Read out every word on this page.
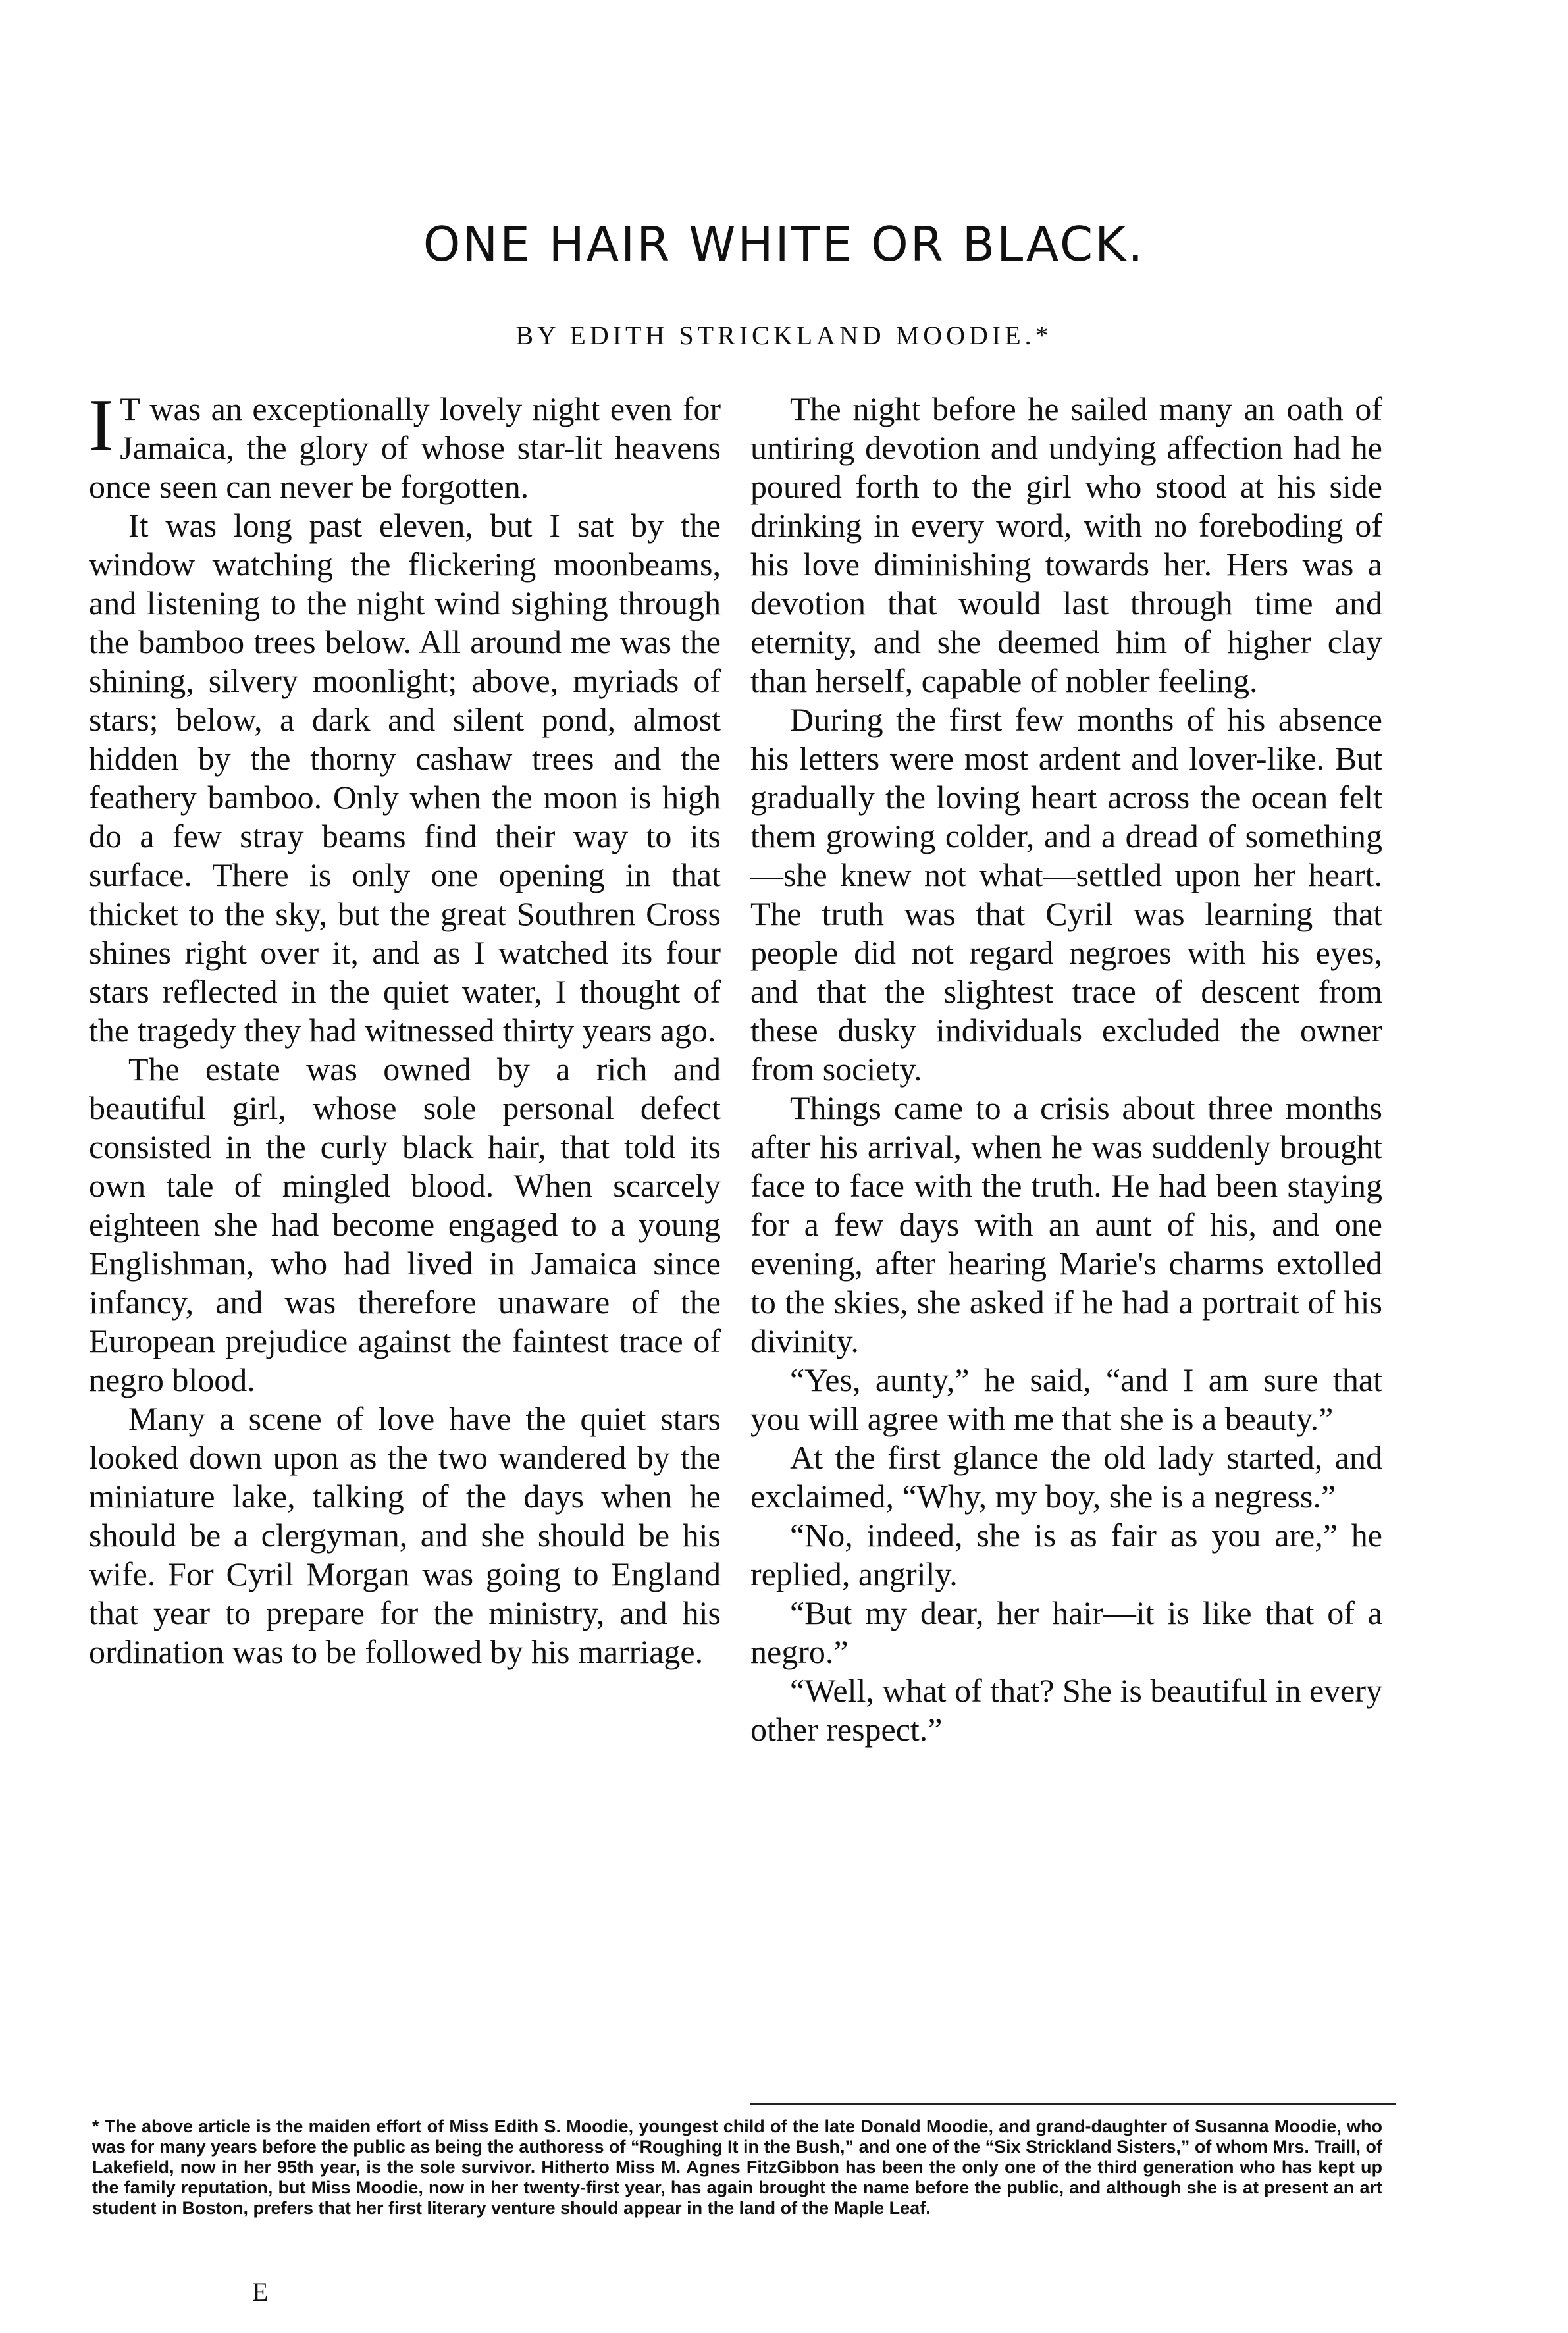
ONE HAIR WHITE OR BLACK.

BY EDITH STRICKLAND MOODIE.*

I T was an exceptionally lovely night even for Jamaica, the glory of whose star-lit heavens once seen can never be forgotten.

It was long past eleven, but I sat by the window watching the flickering moonbeams, and listening to the night wind sighing through the bamboo trees below. All around me was the shining, silvery moonlight; above, myriads of stars; below, a dark and silent pond, almost hidden by the thorny cashaw trees and the feathery bamboo. Only when the moon is high do a few stray beams find their way to its surface. There is only one opening in that thicket to the sky, but the great Southren Cross shines right over it, and as I watched its four stars reflected in the quiet water, I thought of the tragedy they had witnessed thirty years ago.

The estate was owned by a rich and beautiful girl, whose sole personal defect consisted in the curly black hair, that told its own tale of mingled blood. When scarcely eighteen she had become engaged to a young Englishman, who had lived in Jamaica since infancy, and was therefore unaware of the European prejudice against the faintest trace of negro blood.

Many a scene of love have the quiet stars looked down upon as the two wandered by the miniature lake, talking of the days when he should be a clergyman, and she should be his wife. For Cyril Morgan was going to England that year to prepare for the ministry, and his ordination was to be followed by his marriage.

The night before he sailed many an oath of untiring devotion and undying affection had he poured forth to the girl who stood at his side drinking in every word, with no foreboding of his love diminishing towards her. Hers was a devotion that would last through time and eternity, and she deemed him of higher clay than herself, capable of nobler feeling.

During the first few months of his absence his letters were most ardent and lover-like. But gradually the loving heart across the ocean felt them growing colder, and a dread of something—she knew not what—settled upon her heart. The truth was that Cyril was learning that people did not regard negroes with his eyes, and that the slightest trace of descent from these dusky individuals excluded the owner from society.

Things came to a crisis about three months after his arrival, when he was suddenly brought face to face with the truth. He had been staying for a few days with an aunt of his, and one evening, after hearing Marie's charms extolled to the skies, she asked if he had a portrait of his divinity.

“Yes, aunty,” he said, “and I am sure that you will agree with me that she is a beauty.”

At the first glance the old lady started, and exclaimed, “Why, my boy, she is a negress.”

“No, indeed, she is as fair as you are,” he replied, angrily.

“But my dear, her hair—it is like that of a negro.”

“Well, what of that? She is beautiful in every other respect.”

* The above article is the maiden effort of Miss Edith S. Moodie, youngest child of the late Donald Moodie, and grand-daughter of Susanna Moodie, who was for many years before the public as being the authoress of “Roughing It in the Bush,” and one of the “Six Strickland Sisters,” of whom Mrs. Traill, of Lakefield, now in her 95th year, is the sole survivor. Hitherto Miss M. Agnes FitzGibbon has been the only one of the third generation who has kept up the family reputation, but Miss Moodie, now in her twenty-first year, has again brought the name before the public, and although she is at present an art student in Boston, prefers that her first literary venture should appear in the land of the Maple Leaf.

E
